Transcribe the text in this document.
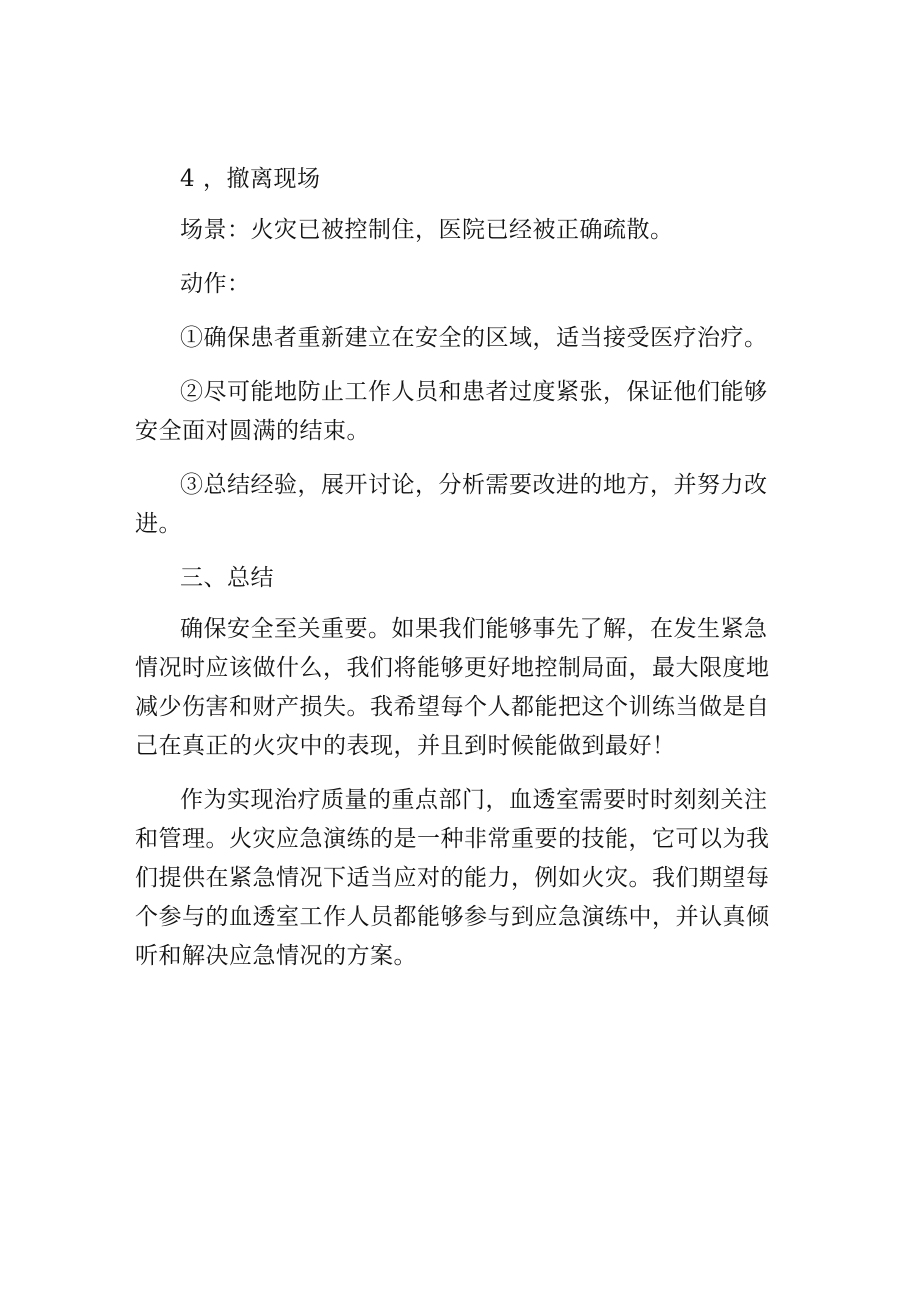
4 ，撤离现场

场景：火灾已被控制住，医院已经被正确疏散。

动作：

①确保患者重新建立在安全的区域，适当接受医疗治疗。

②尽可能地防止工作人员和患者过度紧张，保证他们能够安全面对圆满的结束。

③总结经验，展开讨论，分析需要改进的地方，并努力改进。

三、总结

确保安全至关重要。如果我们能够事先了解，在发生紧急情况时应该做什么，我们将能够更好地控制局面，最大限度地减少伤害和财产损失。我希望每个人都能把这个训练当做是自己在真正的火灾中的表现，并且到时候能做到最好！

作为实现治疗质量的重点部门，血透室需要时时刻刻关注和管理。火灾应急演练的是一种非常重要的技能，它可以为我们提供在紧急情况下适当应对的能力，例如火灾。我们期望每个参与的血透室工作人员都能够参与到应急演练中，并认真倾听和解决应急情况的方案。
